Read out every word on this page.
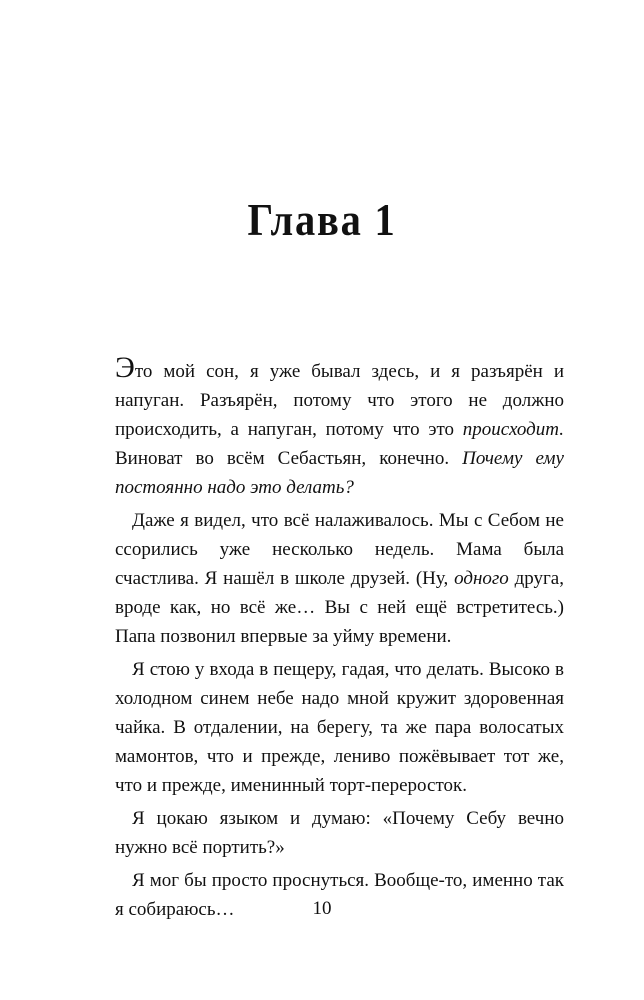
Глава 1

Это мой сон, я уже бывал здесь, и я разъярён и напуган. Разъярён, потому что этого не должно происходить, а напуган, потому что это происходит. Виноват во всём Себастьян, конечно. Почему ему постоянно надо это делать?

Даже я видел, что всё налаживалось. Мы с Себом не ссорились уже несколько недель. Мама была счастлива. Я нашёл в школе друзей. (Ну, одного друга, вроде как, но всё же… Вы с ней ещё встретитесь.) Папа позвонил впервые за уйму времени.

Я стою у входа в пещеру, гадая, что делать. Высоко в холодном синем небе надо мной кружит здоровенная чайка. В отдалении, на берегу, та же пара волосатых мамонтов, что и прежде, лениво пожёвывает тот же, что и прежде, именинный торт-переросток.

Я цокаю языком и думаю: «Почему Себу вечно нужно всё портить?»

Я мог бы просто проснуться. Вообще-то, именно так я собираюсь…	10
